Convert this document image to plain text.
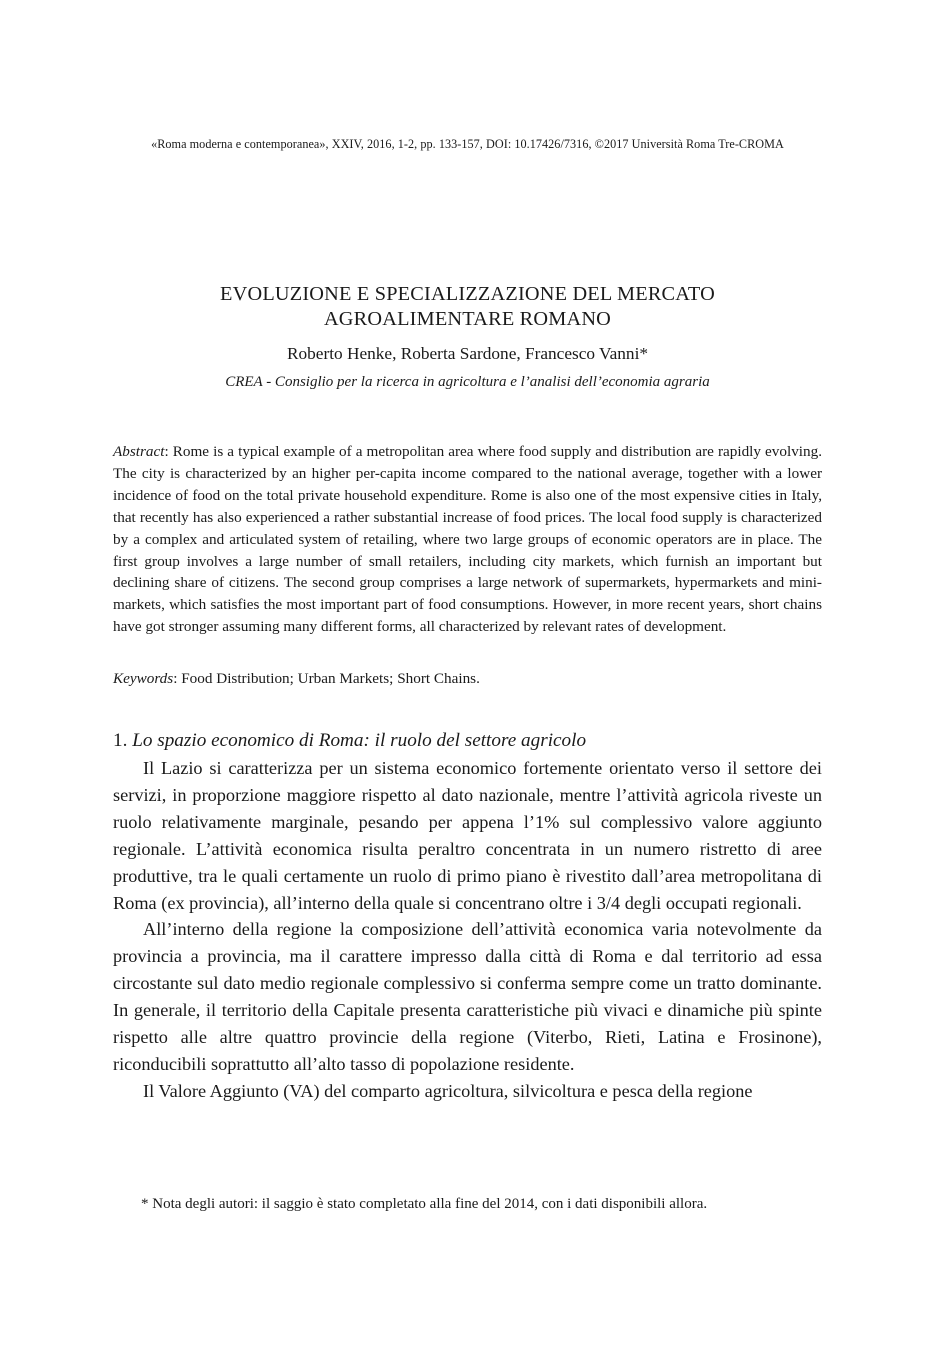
«Roma moderna e contemporanea», XXIV, 2016, 1-2, pp. 133-157, DOI: 10.17426/7316, ©2017 Università Roma Tre-CROMA
EVOLUZIONE E SPECIALIZZAZIONE DEL MERCATO
AGROALIMENTARE ROMANO
Roberto Henke, Roberta Sardone, Francesco Vanni*
CREA - Consiglio per la ricerca in agricoltura e l’analisi dell’economia agraria

Abstract: Rome is a typical example of a metropolitan area where food supply and distribution are rapidly evolving. The city is characterized by an higher per-capita income compared to the national average, together with a lower incidence of food on the total private household expenditure. Rome is also one of the most expensive cities in Italy, that recently has also experienced a rather substantial increase of food prices. The local food supply is characterized by a complex and articulated system of retailing, where two large groups of economic operators are in place. The first group involves a large number of small retailers, including city markets, which furnish an important but declining share of citizens. The second group comprises a large network of supermarkets, hypermarkets and mini-markets, which satisfies the most important part of food consumptions. However, in more recent years, short chains have got stronger assuming many different forms, all characterized by relevant rates of development.

Keywords: Food Distribution; Urban Markets; Short Chains.

1. Lo spazio economico di Roma: il ruolo del settore agricolo

Il Lazio si caratterizza per un sistema economico fortemente orientato verso il settore dei servizi, in proporzione maggiore rispetto al dato nazionale, mentre l’attività agricola riveste un ruolo relativamente marginale, pesando per appena l’1% sul complessivo valore aggiunto regionale. L’attività economica risulta peraltro concentrata in un numero ristretto di aree produttive, tra le quali certamente un ruolo di primo piano è rivestito dall’area metropolitana di Roma (ex provincia), all’interno della quale si concentrano oltre i 3/4 degli occupati regionali.

All’interno della regione la composizione dell’attività economica varia notevolmente da provincia a provincia, ma il carattere impresso dalla città di Roma e dal territorio ad essa circostante sul dato medio regionale complessivo si conferma sempre come un tratto dominante. In generale, il territorio della Capitale presenta caratteristiche più vivaci e dinamiche più spinte rispetto alle altre quattro provincie della regione (Viterbo, Rieti, Latina e Frosinone), riconducibili soprattutto all’alto tasso di popolazione residente.

Il Valore Aggiunto (VA) del comparto agricoltura, silvicoltura e pesca della regione

* Nota degli autori: il saggio è stato completato alla fine del 2014, con i dati disponibili allora.
